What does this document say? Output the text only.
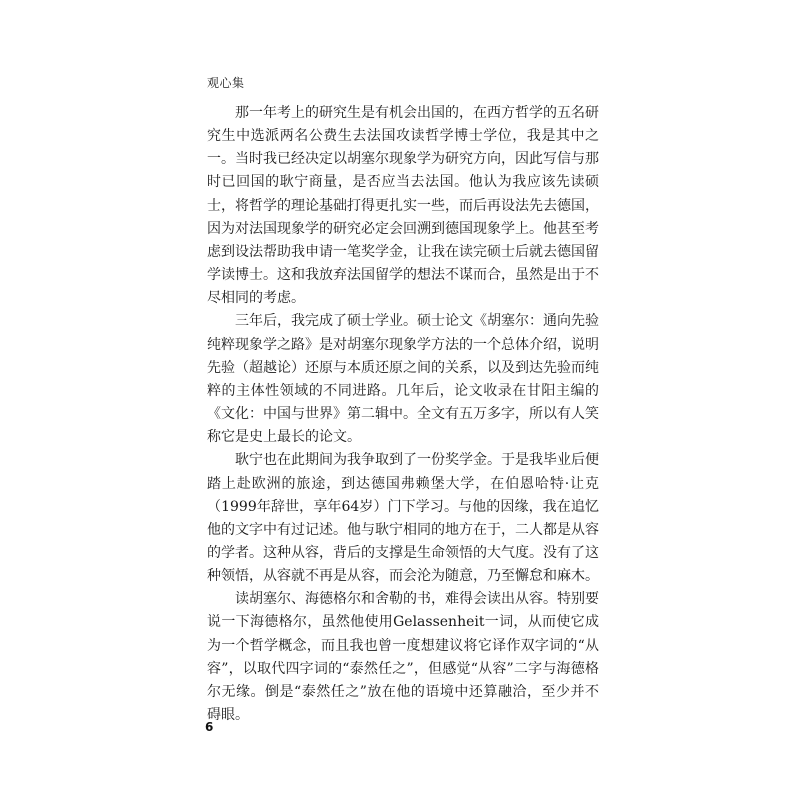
观心集

那一年考上的研究生是有机会出国的，在西方哲学的五名研究生中选派两名公费生去法国攻读哲学博士学位，我是其中之一。当时我已经决定以胡塞尔现象学为研究方向，因此写信与那时已回国的耿宁商量，是否应当去法国。他认为我应该先读硕士，将哲学的理论基础打得更扎实一些，而后再设法先去德国，因为对法国现象学的研究必定会回溯到德国现象学上。他甚至考虑到设法帮助我申请一笔奖学金，让我在读完硕士后就去德国留学读博士。这和我放弃法国留学的想法不谋而合，虽然是出于不尽相同的考虑。

三年后，我完成了硕士学业。硕士论文《胡塞尔：通向先验纯粹现象学之路》是对胡塞尔现象学方法的一个总体介绍，说明先验（超越论）还原与本质还原之间的关系，以及到达先验而纯粹的主体性领域的不同进路。几年后，论文收录在甘阳主编的《文化：中国与世界》第二辑中。全文有五万多字，所以有人笑称它是史上最长的论文。

耿宁也在此期间为我争取到了一份奖学金。于是我毕业后便踏上赴欧洲的旅途，到达德国弗赖堡大学，在伯恩哈特·让克（1999年辞世，享年64岁）门下学习。与他的因缘，我在追忆他的文字中有过记述。他与耿宁相同的地方在于，二人都是从容的学者。这种从容，背后的支撑是生命领悟的大气度。没有了这种领悟，从容就不再是从容，而会沦为随意，乃至懈怠和麻木。

读胡塞尔、海德格尔和舍勒的书，难得会读出从容。特别要说一下海德格尔，虽然他使用Gelassenheit一词，从而使它成为一个哲学概念，而且我也曾一度想建议将它译作双字词的“从容”，以取代四字词的“泰然任之”，但感觉“从容”二字与海德格尔无缘。倒是“泰然任之”放在他的语境中还算融洽，至少并不碍眼。

6
